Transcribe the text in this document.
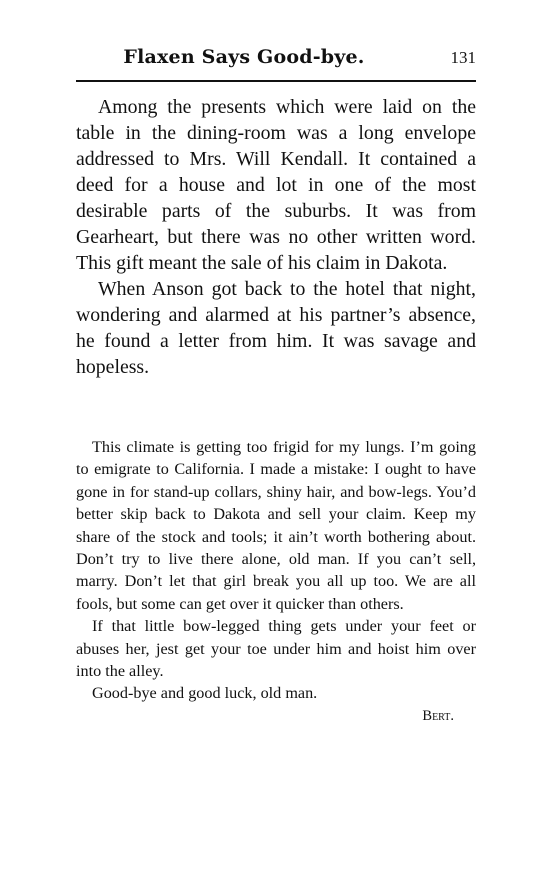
Flaxen Says Good-bye.	131

Among the presents which were laid on the table in the dining-room was a long envelope addressed to Mrs. Will Kendall. It contained a deed for a house and lot in one of the most desirable parts of the suburbs. It was from Gearheart, but there was no other written word. This gift meant the sale of his claim in Dakota.

When Anson got back to the hotel that night, wondering and alarmed at his partner’s absence, he found a letter from him. It was savage and hopeless.

This climate is getting too frigid for my lungs. I’m going to emigrate to California. I made a mistake: I ought to have gone in for stand-up collars, shiny hair, and bow-legs. You’d better skip back to Dakota and sell your claim. Keep my share of the stock and tools; it ain’t worth bothering about. Don’t try to live there alone, old man. If you can’t sell, marry. Don’t let that girl break you all up too. We are all fools, but some can get over it quicker than others.

If that little bow-legged thing gets under your feet or abuses her, jest get your toe under him and hoist him over into the alley.

Good-bye and good luck, old man.

Bert.
